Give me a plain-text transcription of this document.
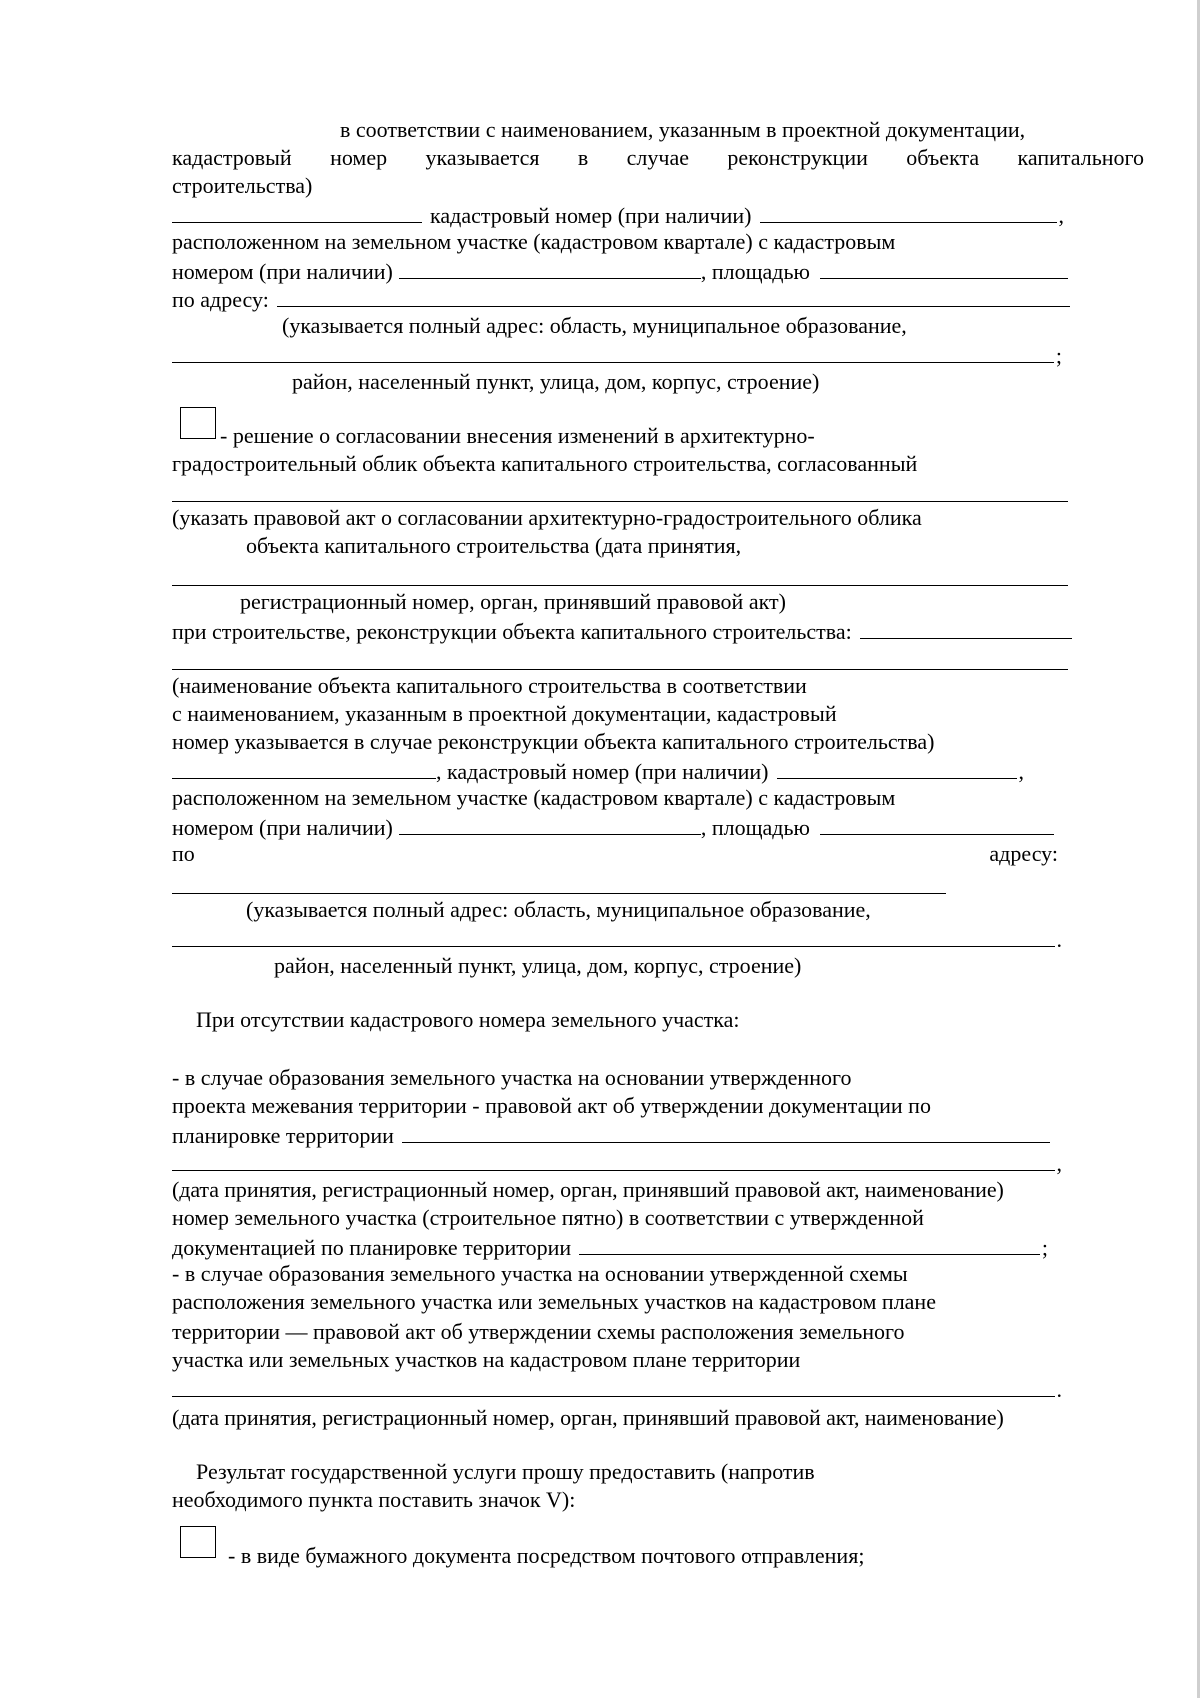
в соответствии с наименованием, указанным в проектной документации,
кадастровый номер указывается в случае реконструкции объекта капитального
строительства)
кадастровый номер (при наличии)	,
расположенном на земельном участке (кадастровом квартале) с кадастровым
номером (при наличии)	, площадью
по адресу:
(указывается полный адрес: область, муниципальное образование,
;
район, населенный пункт, улица, дом, корпус, строение)
- решение о согласовании внесения изменений в архитектурно-
градостроительный облик объекта капитального строительства, согласованный
(указать правовой акт о согласовании архитектурно-градостроительного облика
объекта капитального строительства (дата принятия,
регистрационный номер, орган, принявший правовой акт)
при строительстве, реконструкции объекта капитального строительства:
(наименование объекта капитального строительства в соответствии
с наименованием, указанным в проектной документации, кадастровый
номер указывается в случае реконструкции объекта капитального строительства)
, кадастровый номер (при наличии)	,
расположенном на земельном участке (кадастровом квартале) с кадастровым
номером (при наличии)	, площадью
по	адресу:
(указывается полный адрес: область, муниципальное образование,
.
район, населенный пункт, улица, дом, корпус, строение)
При отсутствии кадастрового номера земельного участка:
- в случае образования земельного участка на основании утвержденного
проекта межевания территории - правовой акт об утверждении документации по
планировке территории
,
(дата принятия, регистрационный номер, орган, принявший правовой акт, наименование)
номер земельного участка (строительное пятно) в соответствии с утвержденной
документацией по планировке территории	;
- в случае образования земельного участка на основании утвержденной схемы
расположения земельного участка или земельных участков на кадастровом плане
территории — правовой акт об утверждении схемы расположения земельного
участка или земельных участков на кадастровом плане территории
.
(дата принятия, регистрационный номер, орган, принявший правовой акт, наименование)
Результат государственной услуги прошу предоставить (напротив
необходимого пункта поставить значок V):
- в виде бумажного документа посредством почтового отправления;
